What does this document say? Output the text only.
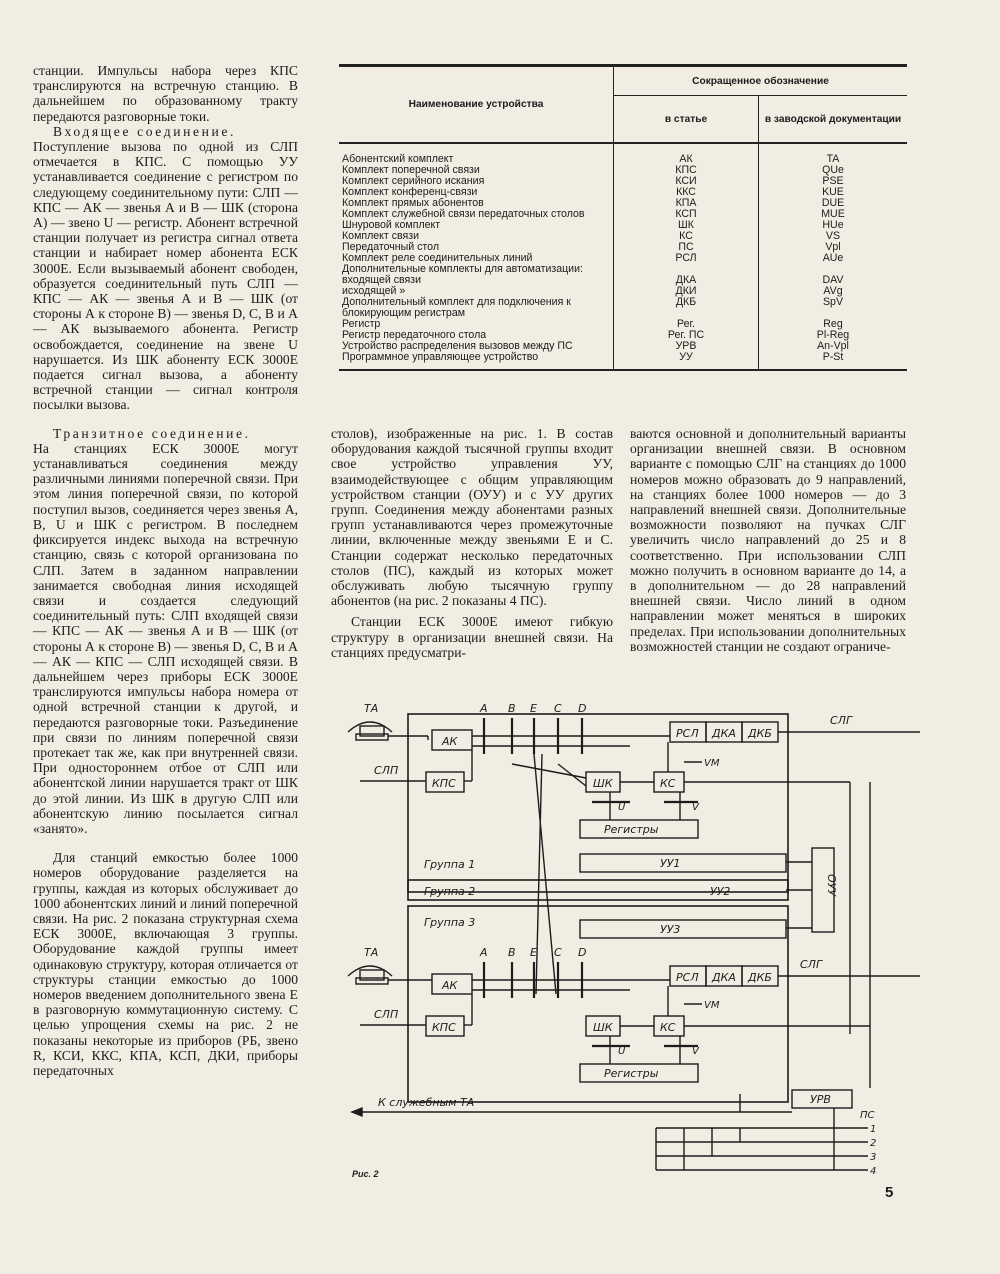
станции. Импульсы набора через КПС транслируются на встречную станцию. В дальнейшем по образованному тракту передаются разговорные токи.

Входящее соединение.

Поступление вызова по одной из СЛП отмечается в КПС. С помощью УУ устанавливается соединение с регистром по следующему соединительному пути: СЛП — КПС — АК — звенья А и В — ШК (сторона А) — звено U — регистр. Абонент встречной станции получает из регистра сигнал ответа станции и набирает номер абонента ЕСК 3000Е. Если вызываемый абонент свободен, образуется соединительный путь СЛП — КПС — АК — звенья А и В — ШК (от стороны А к стороне В) — звенья D, С, В и А — АК вызываемого абонента. Регистр освобождается, соединение на звене U нарушается. Из ШК абоненту ЕСК 3000Е подается сигнал вызова, а абоненту встречной станции — сигнал контроля посылки вызова.

Транзитное соединение.

На станциях ЕСК 3000Е могут устанавливаться соединения между различными линиями поперечной связи. При этом линия поперечной связи, по которой поступил вызов, соединяется через звенья А, В, U и ШК с регистром. В последнем фиксируется индекс выхода на встречную станцию, связь с которой организована по СЛП. Затем в заданном направлении занимается свободная линия исходящей связи и создается следующий соединительный путь: СЛП входящей связи — КПС — АК — звенья А и В — ШК (от стороны А к стороне В) — звенья D, С, В и А — АК — КПС — СЛП исходящей связи. В дальнейшем через приборы ЕСК 3000Е транслируются импульсы набора номера от одной встречной станции к другой, и передаются разговорные токи. Разъединение при связи по линиям поперечной связи протекает так же, как при внутренней связи. При одностороннем отбое от СЛП или абонентской линии нарушается тракт от ШК до этой линии. Из ШК в другую СЛП или абонентскую линию посылается сигнал «занято».

Для станций емкостью более 1000 номеров оборудование разделяется на группы, каждая из которых обслуживает до 1000 абонентских линий и линий поперечной связи. На рис. 2 показана структурная схема ЕСК 3000Е, включающая 3 группы. Оборудование каждой группы имеет одинаковую структуру, которая отличается от структуры станции емкостью до 1000 номеров введением дополнительного звена Е в разговорную коммутационную систему. С целью упрощения схемы на рис. 2 не показаны некоторые из приборов (РБ, звено R, КСИ, ККС, КПА, КСП, ДКИ, приборы передаточных

Наименование устройства	Сокращенное обозначение	
	в статье	в заводской документации
Абонентский комплект	АК	TA
Комплект поперечной связи	КПС	QUe
Комплект серийного искания	КСИ	PSE
Комплект конференц-связи	ККС	KUE
Комплект прямых абонентов	КПА	DUE
Комплект служебной связи передаточных столов	КСП	MUE
Шнуровой комплект	ШК	HUe
Комплект связи	КС	VS
Передаточный стол	ПС	Vpl
Комплект реле соединительных линий	РСЛ	AUe
Дополнительные комплекты для автоматизации:		
входящей связи	ДКА	DAV
исходящей »	ДКИ	AVg
Дополнительный комплект для подключения к блокирующим регистрам	ДКБ	SpV
Регистр	Рег.	Reg
Регистр передаточного стола	Рег. ПС	Pl-Reg
Устройство распределения вызовов между ПС	УРВ	An-Vpl
Программное управляющее устройство	УУ	P-St

столов), изображенные на рис. 1. В состав оборудования каждой тысячной группы входит свое устройство управления УУ, взаимодействующее с общим управляющим устройством станции (ОУУ) и с УУ других групп. Соединения между абонентами разных групп устанавливаются через промежуточные линии, включенные между звеньями Е и С. Станции содержат несколько передаточных столов (ПС), каждый из которых может обслуживать любую тысячную группу абонентов (на рис. 2 показаны 4 ПС).

Станции ЕСК 3000Е имеют гибкую структуру в организации внешней связи. На станциях предусматри-

ваются основной и дополнительный варианты организации внешней связи. В основном варианте с помощью СЛГ на станциях до 1000 номеров можно образовать до 9 направлений, на станциях более 1000 номеров — до 3 направлений внешней связи. Дополнительные возможности позволяют на пучках СЛГ увеличить число направлений до 25 и 8 соответственно. При использовании СЛП можно получить в основном варианте до 14, а в дополнительном — до 28 направлений внешней связи. Число линий в одном направлении может меняться в широких пределах. При использовании дополнительных возможностей станции не создают ограниче-

ТА
АК
КПС
СЛП
A B E C D
РСЛ ДКА ДКБ
СЛГ
ШК	КС
VM
U	V
Регистры
Группа 1	УУ1
Группа 2	УУ2
Группа 3
УУ3
ОУУ
ТА
АК
КПС
СЛП
A B E C D
РСЛ ДКА ДКБ
СЛГ
ШК	КС
VM
U	V
Регистры
УРВ
К служебным ТА
ПС
1
2
3
4
Рис. 2
5
